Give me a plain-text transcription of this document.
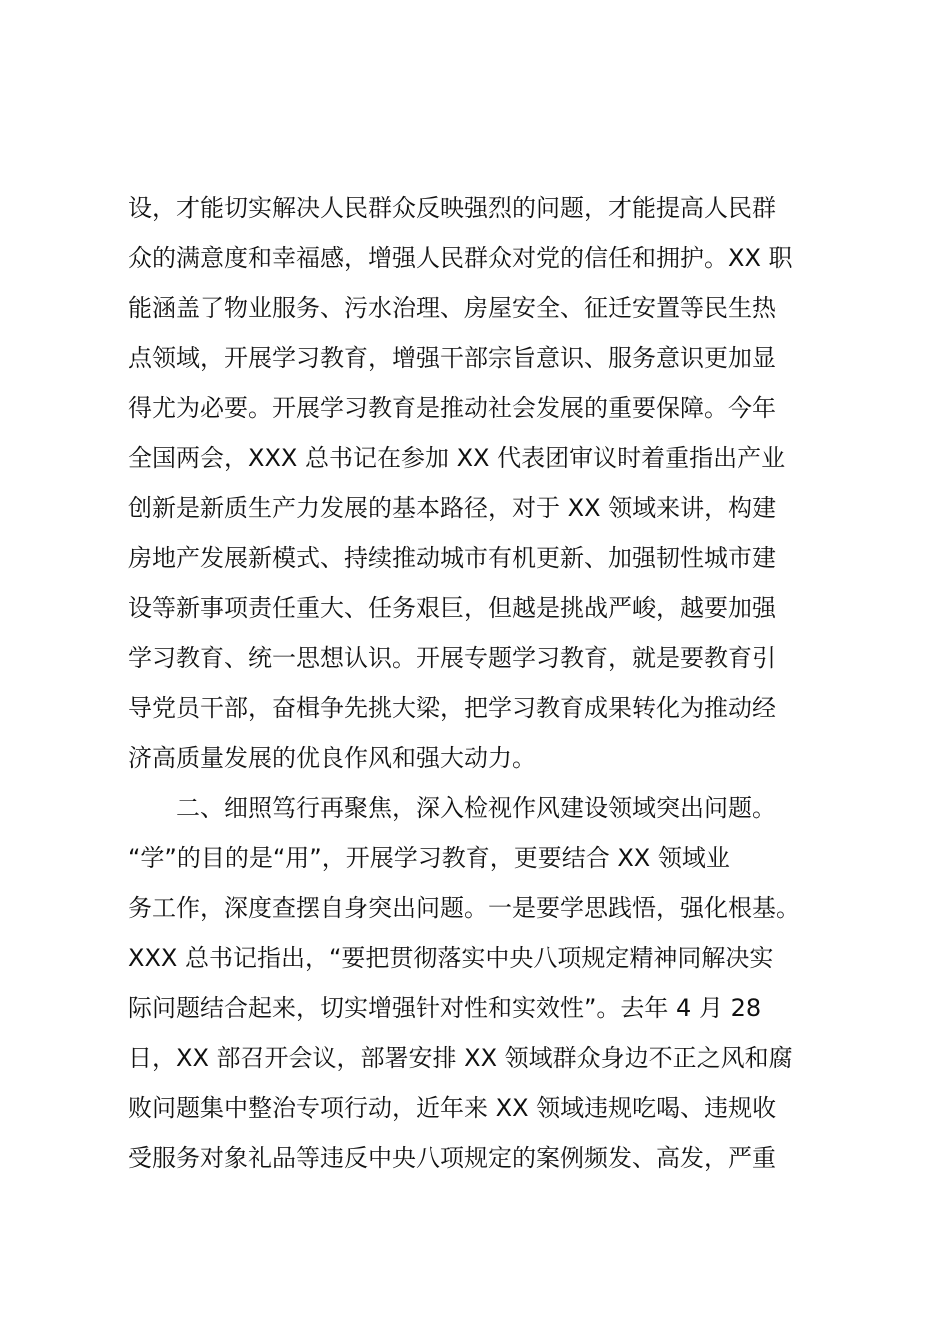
设，才能切实解决人民群众反映强烈的问题，才能提高人民群
众的满意度和幸福感，增强人民群众对党的信任和拥护。XX 职
能涵盖了物业服务、污水治理、房屋安全、征迁安置等民生热
点领域，开展学习教育，增强干部宗旨意识、服务意识更加显
得尤为必要。开展学习教育是推动社会发展的重要保障。今年
全国两会，XXX 总书记在参加 XX 代表团审议时着重指出产业
创新是新质生产力发展的基本路径，对于 XX 领域来讲，构建
房地产发展新模式、持续推动城市有机更新、加强韧性城市建
设等新事项责任重大、任务艰巨，但越是挑战严峻，越要加强
学习教育、统一思想认识。开展专题学习教育，就是要教育引
导党员干部，奋楫争先挑大梁，把学习教育成果转化为推动经
济高质量发展的优良作风和强大动力。
二、细照笃行再聚焦，深入检视作风建设领域突出问题。
“学”的目的是“用”，开展学习教育，更要结合 XX 领域业
务工作，深度查摆自身突出问题。一是要学思践悟，强化根基。
XXX 总书记指出，“要把贯彻落实中央八项规定精神同解决实
际问题结合起来，切实增强针对性和实效性”。去年 4 月 28
日，XX 部召开会议，部署安排 XX 领域群众身边不正之风和腐
败问题集中整治专项行动，近年来 XX 领域违规吃喝、违规收
受服务对象礼品等违反中央八项规定的案例频发、高发，严重
